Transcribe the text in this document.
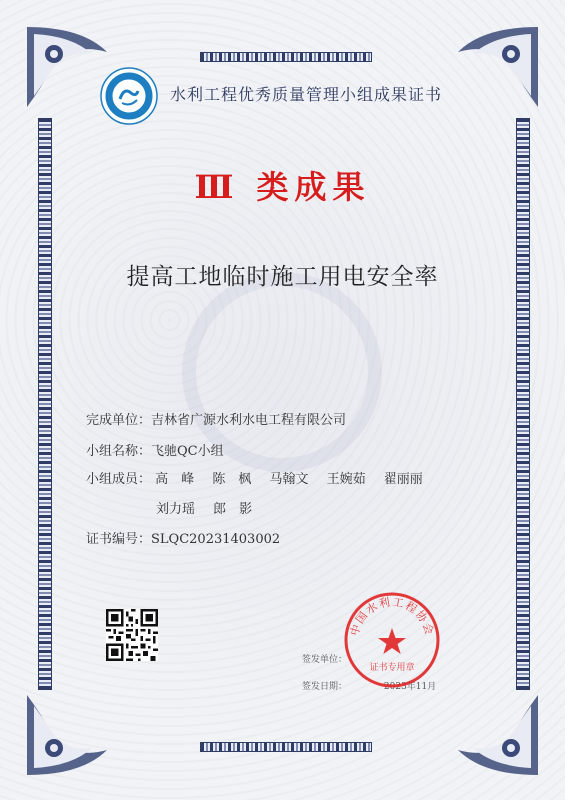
水利工程优秀质量管理小组成果证书
Ⅲ 类成果
提高工地临时施工用电安全率
完成单位：吉林省广源水利水电工程有限公司
小组名称：飞驰QC小组
小组成员： 高　峰 陈　枫 马翰文 王婉茹 翟丽丽
刘力瑶 郎　影
证书编号：SLQC20231403002
签发单位：
签发日期：	2023年11月
中国水利工程协会
证书专用章
